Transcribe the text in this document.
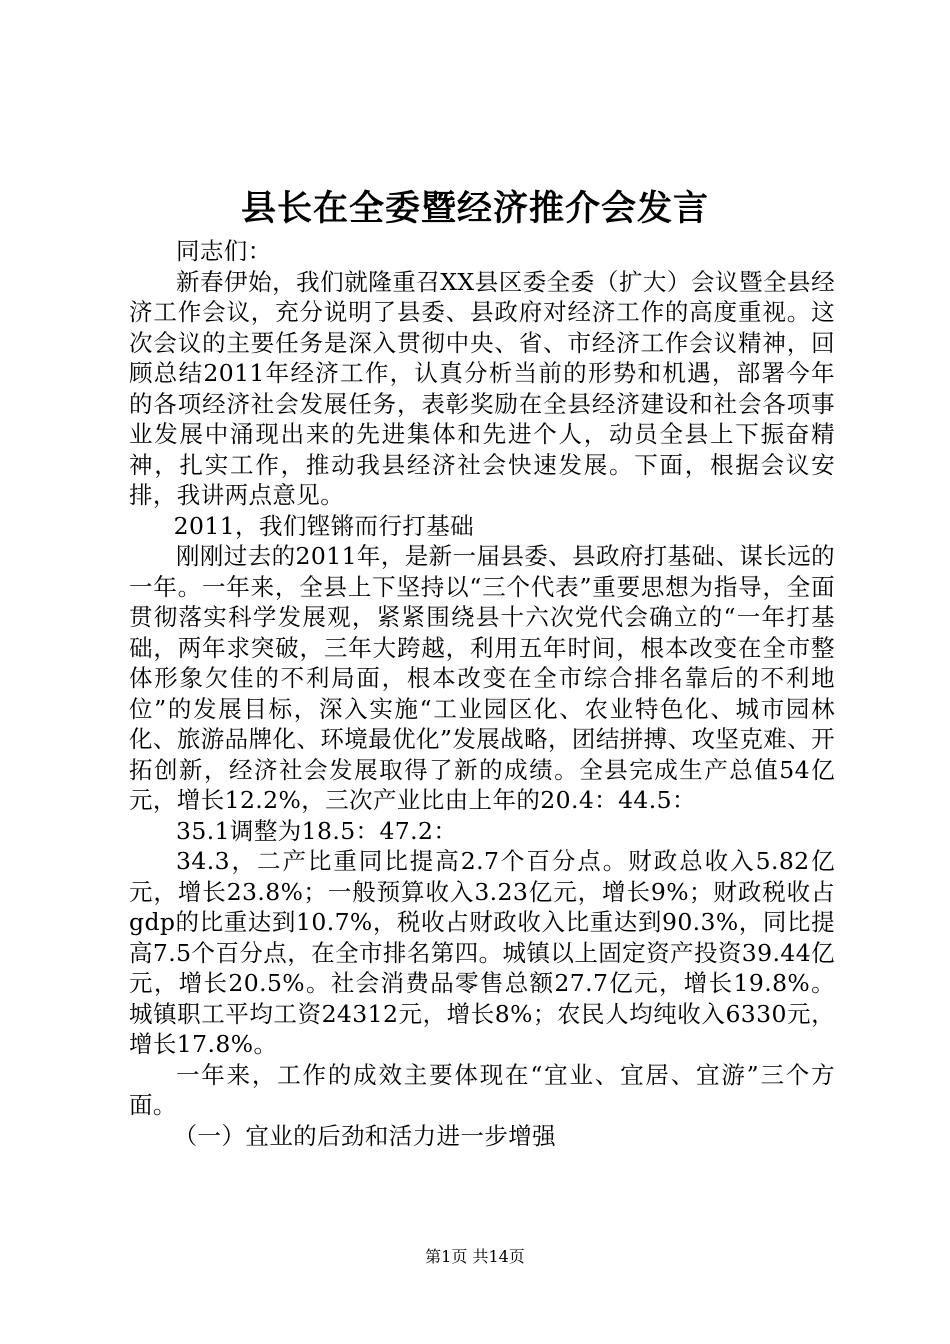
县长在全委暨经济推介会发言

同志们：

新春伊始，我们就隆重召XX县区委全委（扩大）会议暨全县经济工作会议，充分说明了县委、县政府对经济工作的高度重视。这次会议的主要任务是深入贯彻中央、省、市经济工作会议精神，回顾总结2011年经济工作，认真分析当前的形势和机遇，部署今年的各项经济社会发展任务，表彰奖励在全县经济建设和社会各项事业发展中涌现出来的先进集体和先进个人，动员全县上下振奋精神，扎实工作，推动我县经济社会快速发展。下面，根据会议安排，我讲两点意见。

2011，我们铿锵而行打基础

刚刚过去的2011年，是新一届县委、县政府打基础、谋长远的一年。一年来，全县上下坚持以“三个代表”重要思想为指导，全面贯彻落实科学发展观，紧紧围绕县十六次党代会确立的“一年打基础，两年求突破，三年大跨越，利用五年时间，根本改变在全市整体形象欠佳的不利局面，根本改变在全市综合排名靠后的不利地位”的发展目标，深入实施“工业园区化、农业特色化、城市园林化、旅游品牌化、环境最优化”发展战略，团结拼搏、攻坚克难、开拓创新，经济社会发展取得了新的成绩。全县完成生产总值54亿元，增长12.2%，三次产业比由上年的20.4：44.5：

35.1调整为18.5：47.2：

34.3，二产比重同比提高2.7个百分点。财政总收入5.82亿元，增长23.8%；一般预算收入3.23亿元，增长9%；财政税收占gdp的比重达到10.7%，税收占财政收入比重达到90.3%，同比提高7.5个百分点，在全市排名第四。城镇以上固定资产投资39.44亿元，增长20.5%。社会消费品零售总额27.7亿元，增长19.8%。城镇职工平均工资24312元，增长8%；农民人均纯收入6330元，增长17.8%。

一年来，工作的成效主要体现在“宜业、宜居、宜游”三个方面。

（一）宜业的后劲和活力进一步增强

第1页 共14页
